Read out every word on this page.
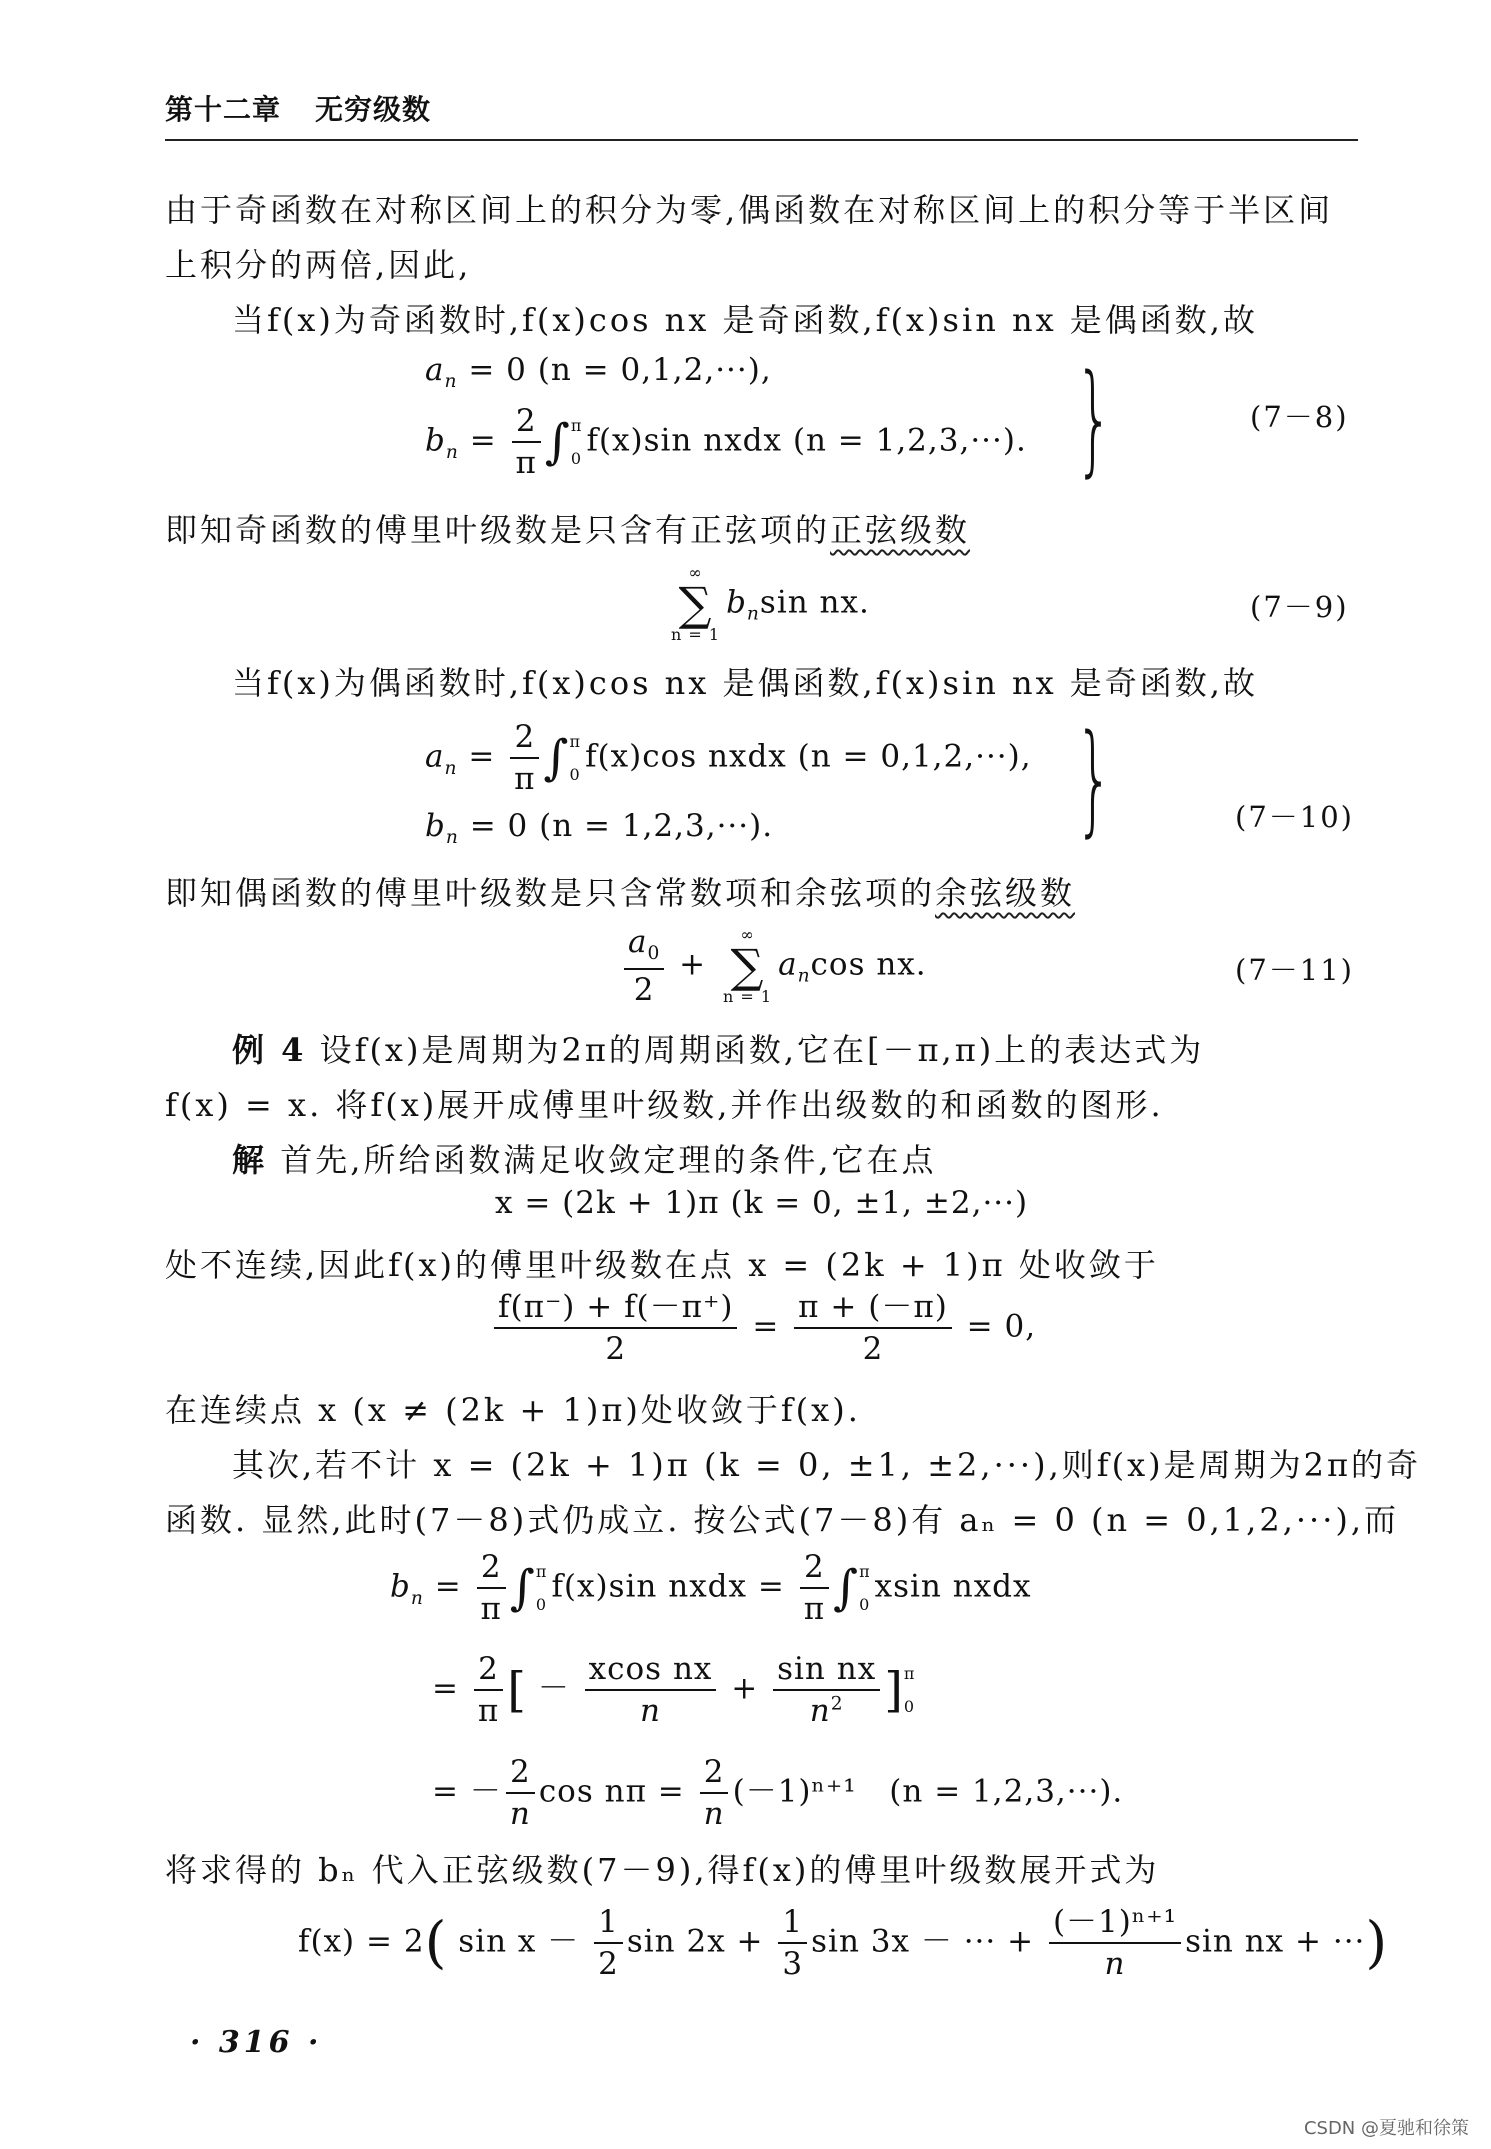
第十二章 无穷级数
由于奇函数在对称区间上的积分为零,偶函数在对称区间上的积分等于半区间
上积分的两倍,因此,
当f(x)为奇函数时,f(x)cos nx 是奇函数,f(x)sin nx 是偶函数,故
$a_n = 0$ (n = 0,1,2,···),
$b_n = \frac{2}{\pi}$ ∫ π
0 f(x)sin nxdx (n = 1,2,3,···). }	(7－8)
即知奇函数的傅里叶级数是只含有正弦项的正弦级数
∞
∑
n = 1
$b_n\sin$ nx.	(7－9)
当f(x)为偶函数时,f(x)cos nx 是偶函数,f(x)sin nx 是奇函数,故
$a_n = \frac{2}{\pi}$ ∫ π
0 f(x)cos nxdx (n = 0,1,2,···),
$b_n = 0$ (n = 1,2,3,···).	}	(7－10)
即知偶函数的傅里叶级数是只含常数项和余弦项的余弦级数
$\frac{a_0}{2}$ +
∞
∑
n = 1
$a_n\cos$ nx.	(7－11)
例 4 设f(x)是周期为2π的周期函数,它在[－π,π)上的表达式为
f(x) = x. 将f(x)展开成傅里叶级数,并作出级数的和函数的图形.
解 首先,所给函数满足收敛定理的条件,它在点
x = (2k + 1)π (k = 0, ±1, ±2,···)
处不连续,因此f(x)的傅里叶级数在点 x = (2k + 1)π 处收敛于
$\frac{f(\pi^-) + f(-\pi^+)}{2} = \frac{\pi + (-\pi)}{2} = 0$,
在连续点 x (x ≠ (2k + 1)π)处收敛于f(x).
其次,若不计 x = (2k + 1)π (k = 0, ±1, ±2,···),则f(x)是周期为2π的奇
函数. 显然,此时(7－8)式仍成立. 按公式(7－8)有 aₙ = 0 (n = 0,1,2,···),而
$b_n = \frac{2}{\pi}$ ∫ π
0 f(x)sin nxdx = $\frac{2}{\pi}$ ∫ π
0 xsin nxdx
= $\frac{2}{\pi}$ [ － $\frac{\text{xcos nx}}{n} + \frac{\text{sin nx}}{n^2}$ ] π
0
= － $\frac{2}{n}$ $\cos n\pi = \frac{2}{n} (-1)^{n+1}$ (n = 1,2,3,···).
将求得的 bₙ 代入正弦级数(7－9),得f(x)的傅里叶级数展开式为
f(x) = 2( $\sin x - \frac{1}{2}$ $\sin 2x + \frac{1}{3}$ sin 3x － ··· + $\frac{\text{(－1)ⁿ⁺¹}}{n}$ sin nx + ···)
· 316 ·
CSDN @夏驰和徐策
